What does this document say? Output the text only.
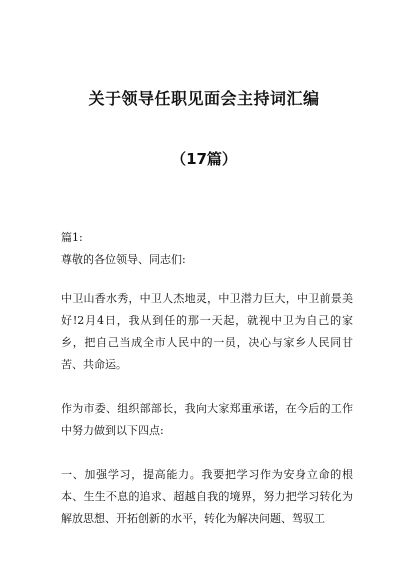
关于领导任职见面会主持词汇编
（17篇）
篇1:
尊敬的各位领导、同志们:
中卫山香水秀，中卫人杰地灵，中卫潜力巨大，中卫前景美好!2月4日，我从到任的那一天起，就视中卫为自己的家乡，把自己当成全市人民中的一员，决心与家乡人民同甘苦、共命运。
作为市委、组织部部长，我向大家郑重承诺，在今后的工作中努力做到以下四点:
一、加强学习，提高能力。我要把学习作为安身立命的根本、生生不息的追求、超越自我的境界，努力把学习转化为解放思想、开拓创新的水平，转化为解决问题、驾驭工
